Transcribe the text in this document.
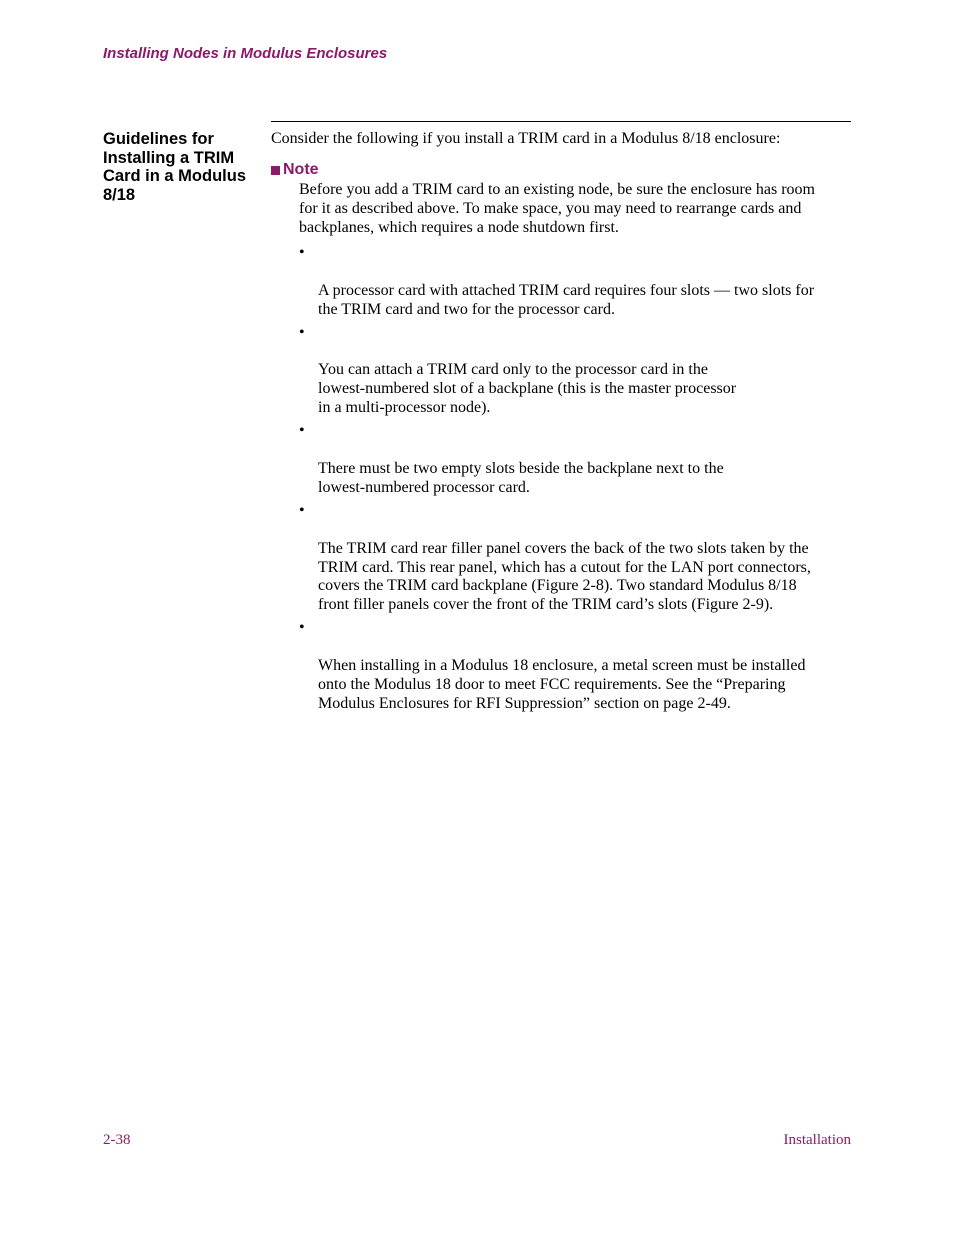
Installing Nodes in Modulus Enclosures
Guidelines for
Installing a TRIM
Card in a Modulus
8/18

Consider the following if you install a TRIM card in a Modulus 8/18 enclosure:

Note

Before you add a TRIM card to an existing node, be sure the enclosure has room
for it as described above. To make space, you may need to rearrange cards and
backplanes, which requires a node shutdown first.

•

A processor card with attached TRIM card requires four slots — two slots for
the TRIM card and two for the processor card.

•

You can attach a TRIM card only to the processor card in the
lowest-numbered slot of a backplane (this is the master processor
in a multi-processor node).

•

There must be two empty slots beside the backplane next to the
lowest-numbered processor card.

•

The TRIM card rear filler panel covers the back of the two slots taken by the
TRIM card. This rear panel, which has a cutout for the LAN port connectors,
covers the TRIM card backplane (Figure 2-8). Two standard Modulus 8/18
front filler panels cover the front of the TRIM card’s slots (Figure 2-9).

•

When installing in a Modulus 18 enclosure, a metal screen must be installed
onto the Modulus 18 door to meet FCC requirements. See the “Preparing
Modulus Enclosures for RFI Suppression” section on page 2-49.

2-38	Installation
